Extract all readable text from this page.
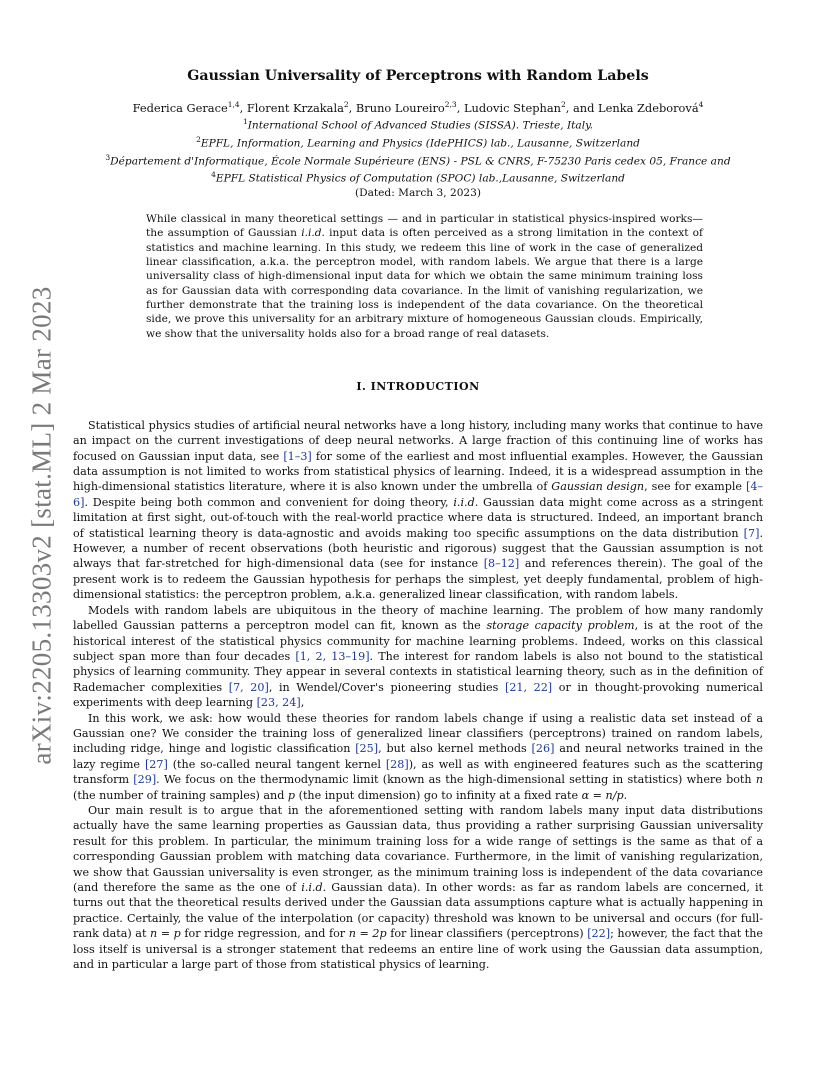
arXiv:2205.13303v2 [stat.ML] 2 Mar 2023
Gaussian Universality of Perceptrons with Random Labels
Federica Gerace$^{1,4}$, Florent Krzakala$^2$, Bruno Loureiro$^{2,3}$, Ludovic Stephan$^2$, and Lenka Zdeborová$^4$
$^1$International School of Advanced Studies (SISSA). Trieste, Italy.
$^2$EPFL, Information, Learning and Physics (IdePHICS) lab., Lausanne, Switzerland
$^3$Département d'Informatique, École Normale Supérieure (ENS) - PSL & CNRS, F-75230 Paris cedex 05, France and
$^4$EPFL Statistical Physics of Computation (SPOC) lab.,Lausanne, Switzerland
(Dated: March 3, 2023)
While classical in many theoretical settings — and in particular in statistical physics-inspired works— the assumption of Gaussian i.i.d. input data is often perceived as a strong limitation in the context of statistics and machine learning. In this study, we redeem this line of work in the case of generalized linear classification, a.k.a. the perceptron model, with random labels. We argue that there is a large universality class of high-dimensional input data for which we obtain the same minimum training loss as for Gaussian data with corresponding data covariance. In the limit of vanishing regularization, we further demonstrate that the training loss is independent of the data covariance. On the theoretical side, we prove this universality for an arbitrary mixture of homogeneous Gaussian clouds. Empirically, we show that the universality holds also for a broad range of real datasets.
I. INTRODUCTION

Statistical physics studies of artificial neural networks have a long history, including many works that continue to have an impact on the current investigations of deep neural networks. A large fraction of this continuing line of works has focused on Gaussian input data, see [1–3] for some of the earliest and most influential examples. However, the Gaussian data assumption is not limited to works from statistical physics of learning. Indeed, it is a widespread assumption in the high-dimensional statistics literature, where it is also known under the umbrella of Gaussian design, see for example [4–6]. Despite being both common and convenient for doing theory, i.i.d. Gaussian data might come across as a stringent limitation at first sight, out-of-touch with the real-world practice where data is structured. Indeed, an important branch of statistical learning theory is data-agnostic and avoids making too specific assumptions on the data distribution [7]. However, a number of recent observations (both heuristic and rigorous) suggest that the Gaussian assumption is not always that far-stretched for high-dimensional data (see for instance [8–12] and references therein). The goal of the present work is to redeem the Gaussian hypothesis for perhaps the simplest, yet deeply fundamental, problem of high-dimensional statistics: the perceptron problem, a.k.a. generalized linear classification, with random labels.

Models with random labels are ubiquitous in the theory of machine learning. The problem of how many randomly labelled Gaussian patterns a perceptron model can fit, known as the storage capacity problem, is at the root of the historical interest of the statistical physics community for machine learning problems. Indeed, works on this classical subject span more than four decades [1, 2, 13–19]. The interest for random labels is also not bound to the statistical physics of learning community. They appear in several contexts in statistical learning theory, such as in the definition of Rademacher complexities [7, 20], in Wendel/Cover's pioneering studies [21, 22] or in thought-provoking numerical experiments with deep learning [23, 24],

In this work, we ask: how would these theories for random labels change if using a realistic data set instead of a Gaussian one? We consider the training loss of generalized linear classifiers (perceptrons) trained on random labels, including ridge, hinge and logistic classification [25], but also kernel methods [26] and neural networks trained in the lazy regime [27] (the so-called neural tangent kernel [28]), as well as with engineered features such as the scattering transform [29]. We focus on the thermodynamic limit (known as the high-dimensional setting in statistics) where both n (the number of training samples) and p (the input dimension) go to infinity at a fixed rate α = n/p.

Our main result is to argue that in the aforementioned setting with random labels many input data distributions actually have the same learning properties as Gaussian data, thus providing a rather surprising Gaussian universality result for this problem. In particular, the minimum training loss for a wide range of settings is the same as that of a corresponding Gaussian problem with matching data covariance. Furthermore, in the limit of vanishing regularization, we show that Gaussian universality is even stronger, as the minimum training loss is independent of the data covariance (and therefore the same as the one of i.i.d. Gaussian data). In other words: as far as random labels are concerned, it turns out that the theoretical results derived under the Gaussian data assumptions capture what is actually happening in practice. Certainly, the value of the interpolation (or capacity) threshold was known to be universal and occurs (for full-rank data) at n = p for ridge regression, and for n = 2p for linear classifiers (perceptrons) [22]; however, the fact that the loss itself is universal is a stronger statement that redeems an entire line of work using the Gaussian data assumption, and in particular a large part of those from statistical physics of learning.
